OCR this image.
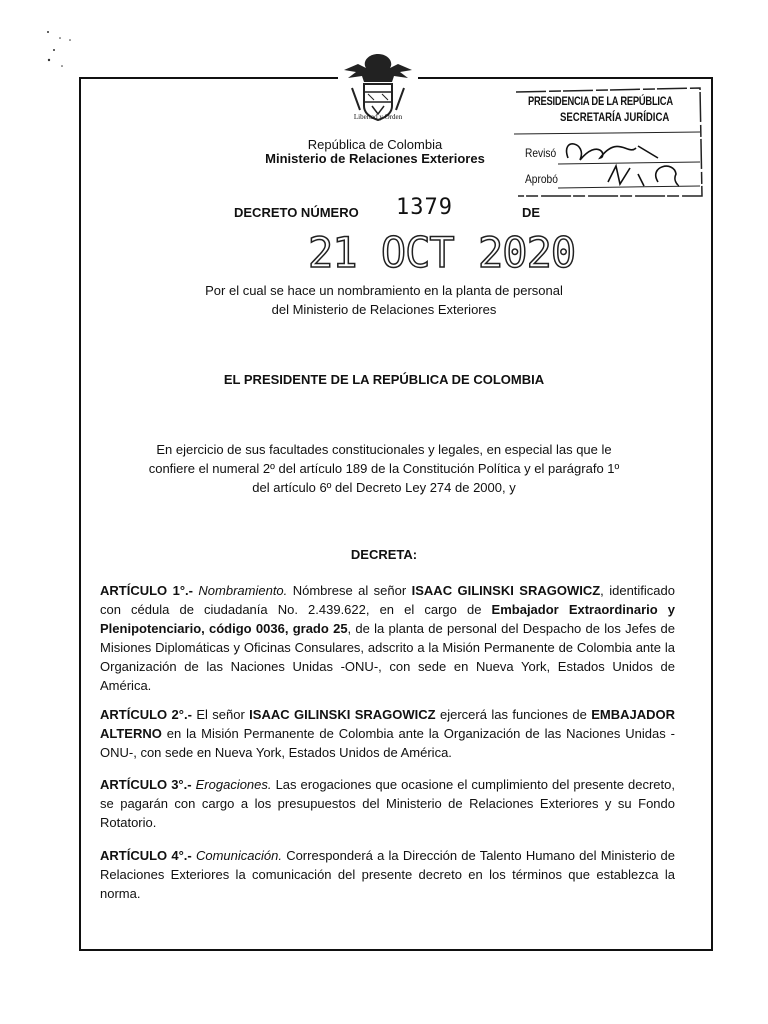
Libertad y Orden
República de Colombia
Ministerio de Relaciones Exteriores
PRESIDENCIA DE LA REPÚBLICA
SECRETARÍA JURÍDICA
Revisó
Aprobó
DECRETO NÚMERO 1379	DE
21 OCT 2020
Por el cual se hace un nombramiento en la planta de personal
del Ministerio de Relaciones Exteriores
EL PRESIDENTE DE LA REPÚBLICA DE COLOMBIA
En ejercicio de sus facultades constitucionales y legales, en especial las que le
confiere el numeral 2º del artículo 189 de la Constitución Política y el parágrafo 1º
del artículo 6º del Decreto Ley 274 de 2000, y
DECRETA:
ARTÍCULO 1°.- Nombramiento. Nómbrese al señor ISAAC GILINSKI SRAGOWICZ, identificado con cédula de ciudadanía No. 2.439.622, en el cargo de Embajador Extraordinario y Plenipotenciario, código 0036, grado 25, de la planta de personal del Despacho de los Jefes de Misiones Diplomáticas y Oficinas Consulares, adscrito a la Misión Permanente de Colombia ante la Organización de las Naciones Unidas -ONU-, con sede en Nueva York, Estados Unidos de América.
ARTÍCULO 2°.- El señor ISAAC GILINSKI SRAGOWICZ ejercerá las funciones de EMBAJADOR ALTERNO en la Misión Permanente de Colombia ante la Organización de las Naciones Unidas -ONU-, con sede en Nueva York, Estados Unidos de América.
ARTÍCULO 3°.- Erogaciones. Las erogaciones que ocasione el cumplimiento del presente decreto, se pagarán con cargo a los presupuestos del Ministerio de Relaciones Exteriores y su Fondo Rotatorio.
ARTÍCULO 4°.- Comunicación. Corresponderá a la Dirección de Talento Humano del Ministerio de Relaciones Exteriores la comunicación del presente decreto en los términos que establezca la norma.
